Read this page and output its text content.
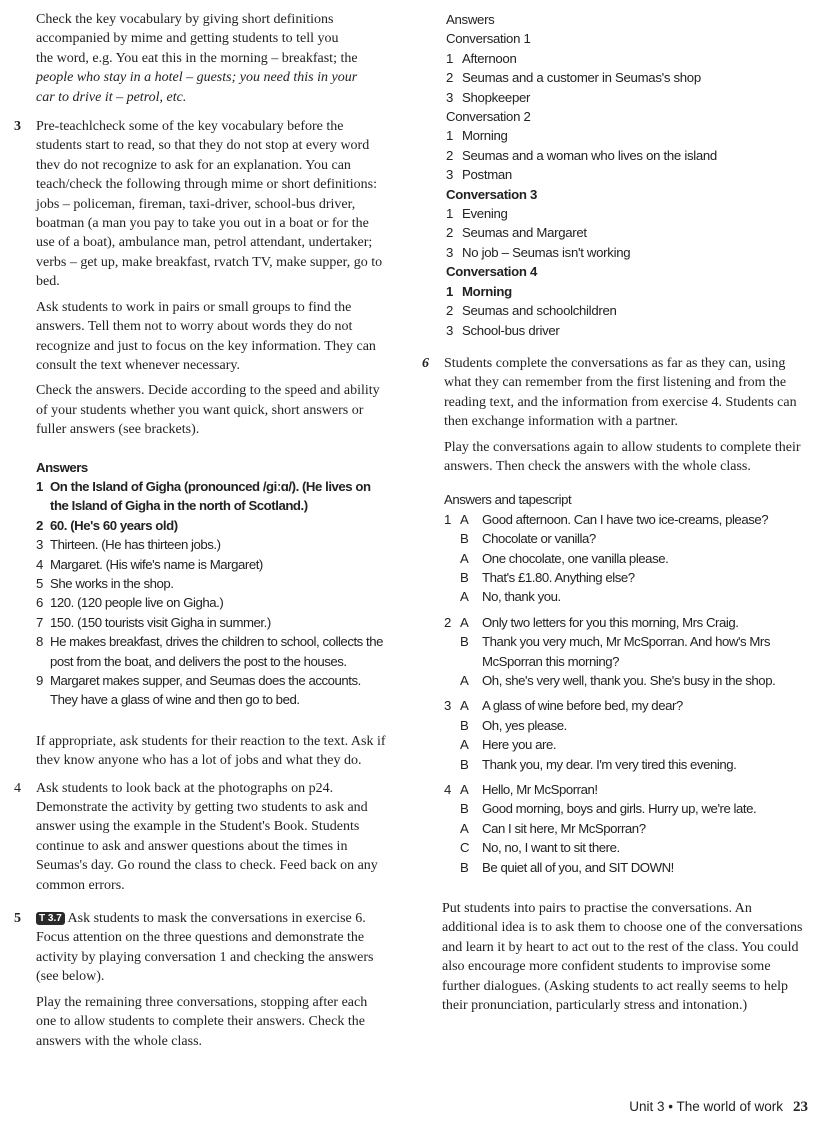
Check the key vocabulary by giving short definitions

accompanied by mime and getting students to tell you

the word, e.g. You eat this in the morning – breakfast; the

people who stay in a hotel – guests; you need this in your

car to drive it – petrol, etc.

3 Pre-teachlcheck some of the key vocabulary before the students start to read, so that they do not stop at every word thev do not recognize to ask for an explanation. You can teach/check the following through mime or short definitions: jobs – policeman, fireman, taxi-driver, school-bus driver, boatman (a man you pay to take you out in a boat or for the use of a boat), ambulance man, petrol attendant, undertaker; verbs – get up, make breakfast, rvatch TV, make supper, go to bed.

Ask students to work in pairs or small groups to find the answers. Tell them not to worry about words they do not recognize and just to focus on the key information. They can consult the text whenever necessary.

Check the answers. Decide according to the speed and ability of your students whether you want quick, short answers or fuller answers (see brackets).

Answers

1 On the Island of Gigha (pronounced /giːɑ/). (He lives on the Island of Gigha in the north of Scotland.)
2 60. (He's 60 years old)
3 Thirteen. (He has thirteen jobs.)
4 Margaret. (His wife's name is Margaret)
5 She works in the shop.
6 120. (120 people live on Gigha.)
7 150. (150 tourists visit Gigha in summer.)
8 He makes breakfast, drives the children to school, collects the post from the boat, and delivers the post to the houses.
9 Margaret makes supper, and Seumas does the accounts. They have a glass of wine and then go to bed.

If appropriate, ask students for their reaction to the text. Ask if thev know anyone who has a lot of jobs and what they do.

4 Ask students to look back at the photographs on p24. Demonstrate the activity by getting two students to ask and answer using the example in the Student's Book. Students continue to ask and answer questions about the times in Seumas's day. Go round the class to check. Feed back on any common errors.

5	T 3.7 Ask students to mask the conversations in exercise 6. Focus attention on the three questions and demonstrate the activity by playing conversation 1 and checking the answers (see below).

Play the remaining three conversations, stopping after each one to allow students to complete their answers. Check the answers with the whole class.

Answers

Conversation 1

1 Afternoon
2 Seumas and a customer in Seumas's shop
3 Shopkeeper

Conversation 2

1 Morning
2 Seumas and a woman who lives on the island
3 Postman

Conversation 3

1 Evening
2 Seumas and Margaret
3 No job – Seumas isn't working

Conversation 4

1 Morning
2 Seumas and schoolchildren
3 School-bus driver
6 Students complete the conversations as far as they can, using what they can remember from the first listening and from the reading text, and the information from exercise 4. Students can then exchange information with a partner.

Play the conversations again to allow students to complete their answers. Then check the answers with the whole class.

Answers and tapescript

1 A Good afternoon. Can I have two ice-creams, please?
B Chocolate or vanilla?
A One chocolate, one vanilla please.
B That's £1.80. Anything else?
A No, thank you.
2 A Only two letters for you this morning, Mrs Craig.
B Thank you very much, Mr McSporran. And how's Mrs McSporran this morning?
A Oh, she's very well, thank you. She's busy in the shop.
3 A A glass of wine before bed, my dear?
B Oh, yes please.
A Here you are.
B Thank you, my dear. I'm very tired this evening.
4 A Hello, Mr McSporran!
B Good morning, boys and girls. Hurry up, we're late.
A Can I sit here, Mr McSporran?
C No, no, I want to sit there.
B Be quiet all of you, and SIT DOWN!

Put students into pairs to practise the conversations. An additional idea is to ask them to choose one of the conversations and learn it by heart to act out to the rest of the class. You could also encourage more confident students to improvise some further dialogues. (Asking students to act really seems to help their pronunciation, particularly stress and intonation.)

Unit 3 • The world of work 23
